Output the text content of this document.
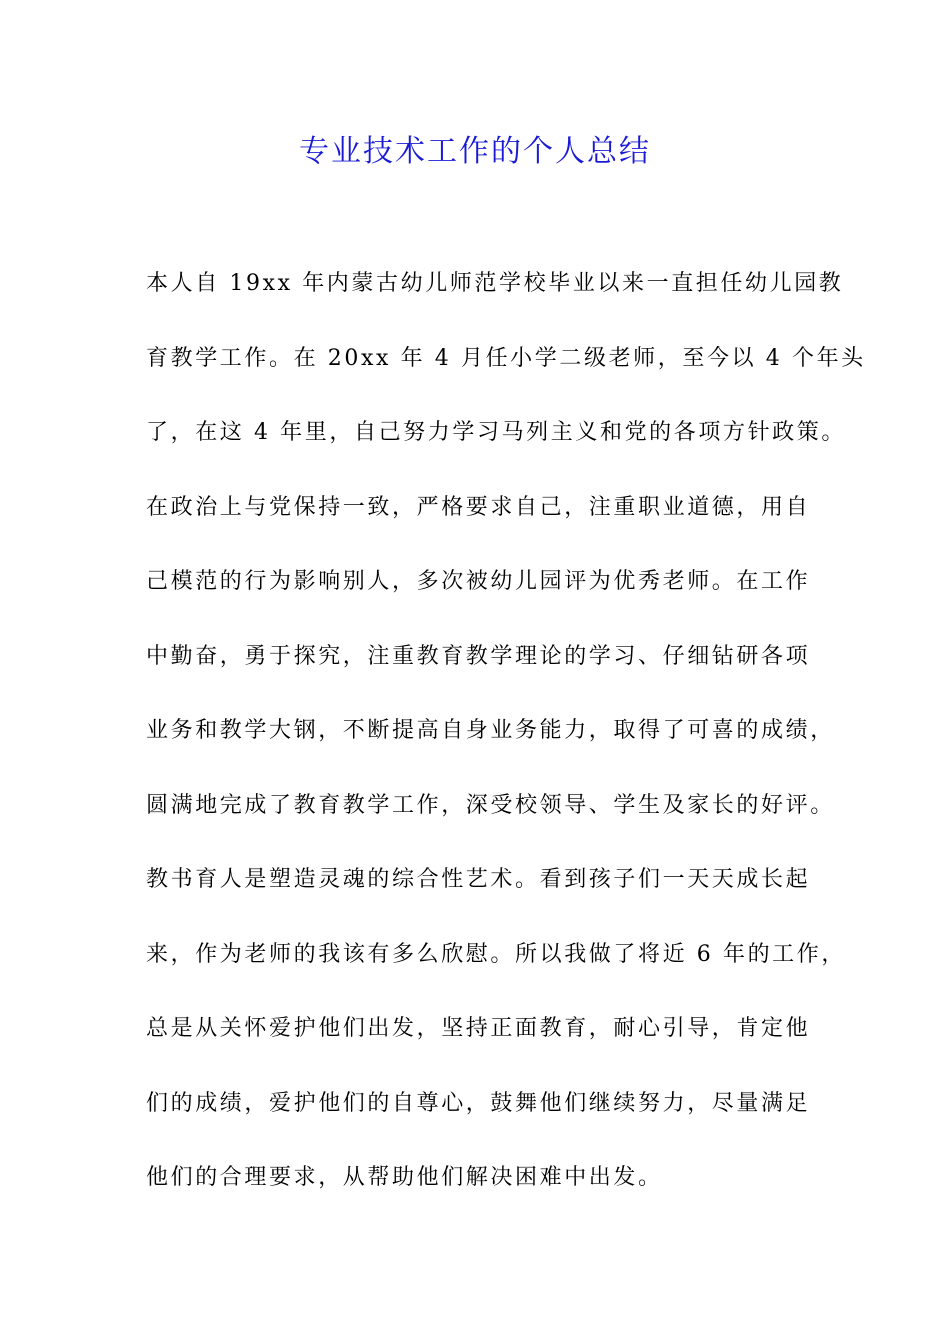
专业技术工作的个人总结
本人自 19xx 年内蒙古幼儿师范学校毕业以来一直担任幼儿园教
育教学工作。在 20xx 年 4 月任小学二级老师，至今以 4 个年头
了，在这 4 年里，自己努力学习马列主义和党的各项方针政策。
在政治上与党保持一致，严格要求自己，注重职业道德，用自
己模范的行为影响别人，多次被幼儿园评为优秀老师。在工作
中勤奋，勇于探究，注重教育教学理论的学习、仔细钻研各项
业务和教学大钢，不断提高自身业务能力，取得了可喜的成绩，
圆满地完成了教育教学工作，深受校领导、学生及家长的好评。
教书育人是塑造灵魂的综合性艺术。看到孩子们一天天成长起
来，作为老师的我该有多么欣慰。所以我做了将近 6 年的工作，
总是从关怀爱护他们出发，坚持正面教育，耐心引导，肯定他
们的成绩，爱护他们的自尊心，鼓舞他们继续努力，尽量满足
他们的合理要求，从帮助他们解决困难中出发。
